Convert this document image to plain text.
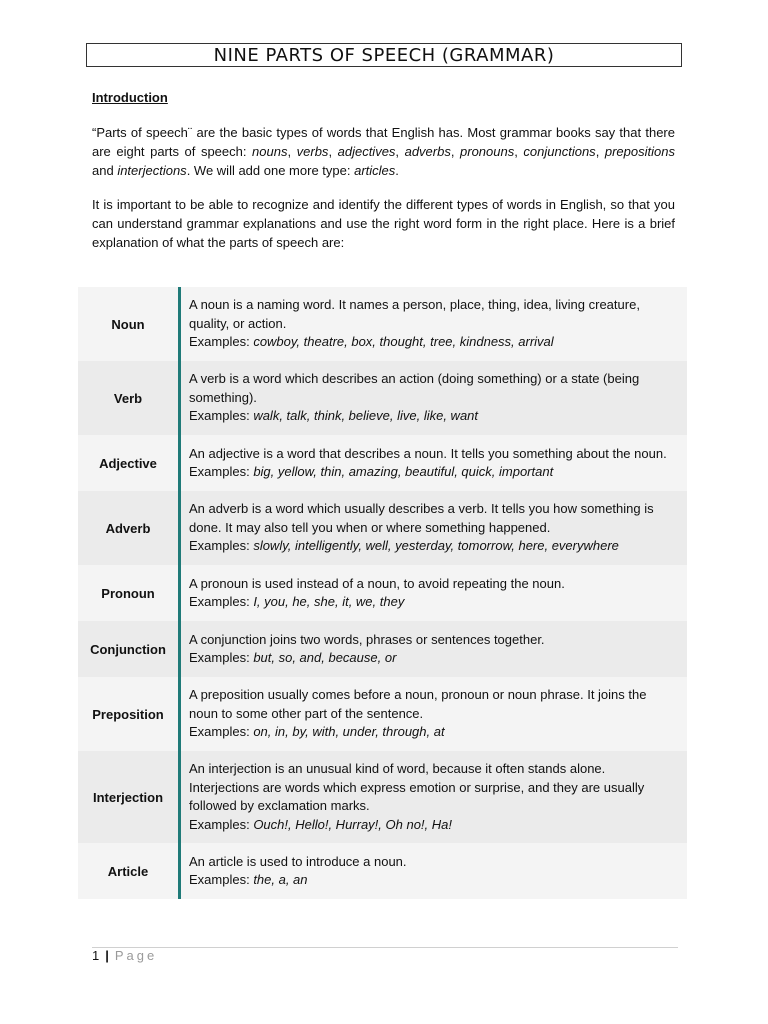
NINE PARTS OF SPEECH (GRAMMAR)
Introduction
“Parts of speech¨ are the basic types of words that English has. Most grammar books say that there are eight parts of speech: nouns, verbs, adjectives, adverbs, pronouns, conjunctions, prepositions and interjections. We will add one more type: articles.
It is important to be able to recognize and identify the different types of words in English, so that you can understand grammar explanations and use the right word form in the right place. Here is a brief explanation of what the parts of speech are:
Noun	A noun is a naming word. It names a person, place, thing, idea, living creature, quality, or action.
Examples: cowboy, theatre, box, thought, tree, kindness, arrival

Verb	A verb is a word which describes an action (doing something) or a state (being something).
Examples: walk, talk, think, believe, live, like, want

Adjective	An adjective is a word that describes a noun. It tells you something about the noun.
Examples: big, yellow, thin, amazing, beautiful, quick, important

Adverb	An adverb is a word which usually describes a verb. It tells you how something is done. It may also tell you when or where something happened.
Examples: slowly, intelligently, well, yesterday, tomorrow, here, everywhere

Pronoun	A pronoun is used instead of a noun, to avoid repeating the noun.
Examples: I, you, he, she, it, we, they

Conjunction	A conjunction joins two words, phrases or sentences together.
Examples: but, so, and, because, or

Preposition	A preposition usually comes before a noun, pronoun or noun phrase. It joins the noun to some other part of the sentence.
Examples: on, in, by, with, under, through, at

Interjection	An interjection is an unusual kind of word, because it often stands alone. Interjections are words which express emotion or surprise, and they are usually followed by exclamation marks.
Examples: Ouch!, Hello!, Hurray!, Oh no!, Ha!

Article	An article is used to introduce a noun.
Examples: the, a, an
1 | Page
